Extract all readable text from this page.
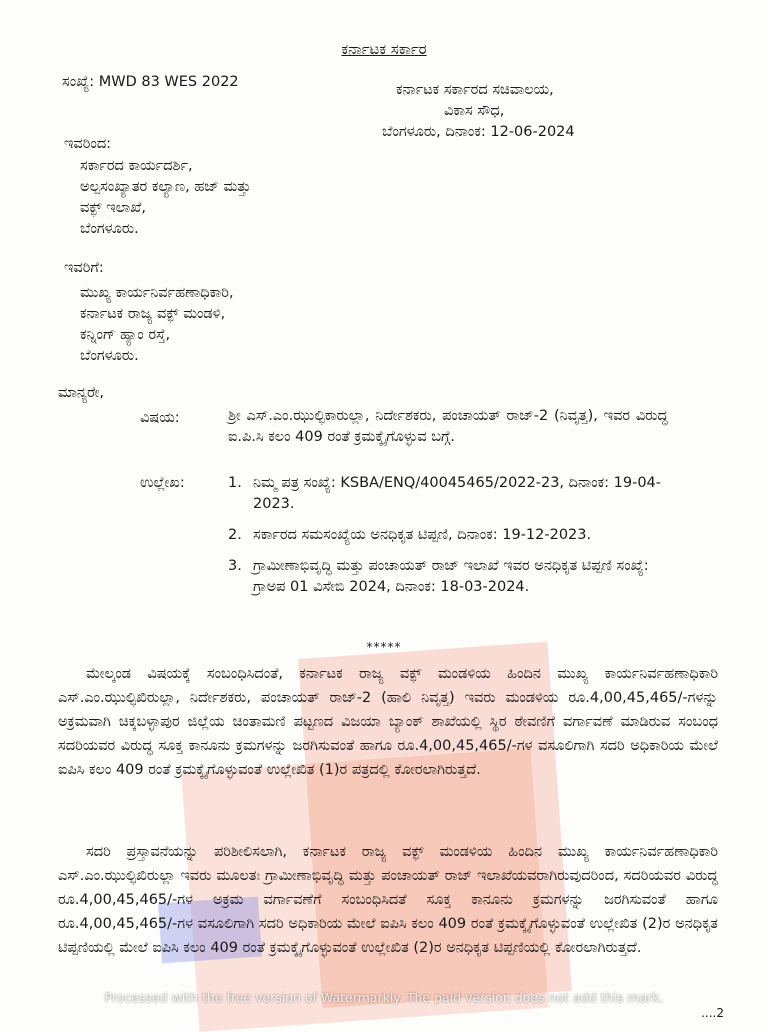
ಕರ್ನಾಟಕ ಸರ್ಕಾರ
ಸಂಖ್ಯೆ: MWD 83 WES 2022	ಕರ್ನಾಟಕ ಸರ್ಕಾರದ ಸಚಿವಾಲಯ,
ವಿಕಾಸ ಸೌಧ,
ಬೆಂಗಳೂರು, ದಿನಾಂಕ: 12-06-2024
ಇವರಿಂದ:
ಸರ್ಕಾರದ ಕಾರ್ಯದರ್ಶಿ,
ಅಲ್ಪಸಂಖ್ಯಾತರ ಕಲ್ಯಾಣ, ಹಜ್ ಮತ್ತು
ವಕ್ಫ್ ಇಲಾಖೆ,
ಬೆಂಗಳೂರು.
ಇವರಿಗೆ:
ಮುಖ್ಯ ಕಾರ್ಯನಿರ್ವಹಣಾಧಿಕಾರಿ,
ಕರ್ನಾಟಕ ರಾಜ್ಯ ವಕ್ಫ್ ಮಂಡಳಿ,
ಕನ್ನಿಂಗ್ ಹ್ಯಾಂ ರಸ್ತೆ,
ಬೆಂಗಳೂರು.
ಮಾನ್ಯರೇ,
ವಿಷಯ:	ಶ್ರೀ ಎಸ್.ಎಂ.ಝುಲ್ಫಿಕಾರುಲ್ಲಾ, ನಿರ್ದೇಶಕರು, ಪಂಚಾಯತ್ ರಾಜ್-2 (ನಿವೃತ್ತ), ಇವರ ವಿರುದ್ಧ ಐ.ಪಿ.ಸಿ ಕಲಂ 409 ರಂತೆ ಕ್ರಮಕ್ಕೈಗೊಳ್ಳುವ ಬಗ್ಗೆ.
ಉಲ್ಲೇಖ:	1. ನಿಮ್ಮ ಪತ್ರ ಸಂಖ್ಯೆ: KSBA/ENQ/40045465/2022-23, ದಿನಾಂಕ: 19-04-2023.
2. ಸರ್ಕಾರದ ಸಮಸಂಖ್ಯೆಯ ಅನಧಿಕೃತ ಟಿಪ್ಪಣಿ, ದಿನಾಂಕ: 19-12-2023.
3. ಗ್ರಾಮೀಣಾಭಿವೃದ್ಧಿ ಮತ್ತು ಪಂಚಾಯತ್ ರಾಜ್ ಇಲಾಖೆ ಇವರ ಅನಧಿಕೃತ ಟಿಪ್ಪಣಿ ಸಂಖ್ಯೆ: ಗ್ರಾಅಪ 01 ವಿಸೇಬಿ 2024, ದಿನಾಂಕ: 18-03-2024.
*****
ಮೇಲ್ಕಂಡ ವಿಷಯಕ್ಕೆ ಸಂಬಂಧಿಸಿದಂತೆ, ಕರ್ನಾಟಕ ರಾಜ್ಯ ವಕ್ಫ್ ಮಂಡಳಿಯ ಹಿಂದಿನ ಮುಖ್ಯ ಕಾರ್ಯನಿರ್ವಹಣಾಧಿಕಾರಿ ಎಸ್.ಎಂ.ಝುಲ್ಫಿಖಿರುಲ್ಲಾ, ನಿರ್ದೇಶಕರು, ಪಂಚಾಯತ್ ರಾಜ್-2 (ಹಾಲಿ ನಿವೃತ್ತ) ಇವರು ಮಂಡಳಿಯ ರೂ.4,00,45,465/-ಗಳನ್ನು ಅಕ್ರಮವಾಗಿ ಚಿಕ್ಕಬಳ್ಳಾಪುರ ಜಿಲ್ಲೆಯ ಚಿಂತಾಮಣಿ ಪಟ್ಟಣದ ವಿಜಯಾ ಬ್ಯಾಂಕ್ ಶಾಖೆಯಲ್ಲಿ ಸ್ಥಿರ ಠೇವಣಿಗೆ ವರ್ಗಾವಣೆ ಮಾಡಿರುವ ಸಂಬಂಧ ಸದರಿಯವರ ವಿರುದ್ಧ ಸೂಕ್ತ ಕಾನೂನು ಕ್ರಮಗಳನ್ನು ಜರಗಿಸುವಂತೆ ಹಾಗೂ ರೂ.4,00,45,465/-ಗಳ ವಸೂಲಿಗಾಗಿ ಸದರಿ ಅಧಿಕಾರಿಯ ಮೇಲೆ ಐಪಿಸಿ ಕಲಂ 409 ರಂತೆ ಕ್ರಮಕ್ಕೈಗೊಳ್ಳುವಂತೆ ಉಲ್ಲೇಖಿತ (1)ರ ಪತ್ರದಲ್ಲಿ ಕೋರಲಾಗಿರುತ್ತದೆ.
ಸದರಿ ಪ್ರಸ್ತಾವನೆಯನ್ನು ಪರಿಶೀಲಿಸಲಾಗಿ, ಕರ್ನಾಟಕ ರಾಜ್ಯ ವಕ್ಫ್ ಮಂಡಳಿಯ ಹಿಂದಿನ ಮುಖ್ಯ ಕಾರ್ಯನಿರ್ವಹಣಾಧಿಕಾರಿ ಎಸ್.ಎಂ.ಝುಲ್ಫಿಖಿರುಲ್ಲಾ ಇವರು ಮೂಲತಃ ಗ್ರಾಮೀಣಾಭಿವೃದ್ಧಿ ಮತ್ತು ಪಂಚಾಯತ್ ರಾಜ್ ಇಲಾಖೆಯವರಾಗಿರುವುದರಿಂದ, ಸದರಿಯವರ ವಿರುದ್ಧ ರೂ.4,00,45,465/-ಗಳ ಅಕ್ರಮ ವರ್ಗಾವಣೆಗೆ ಸಂಬಂಧಿಸಿದತೆ ಸೂಕ್ತ ಕಾನೂನು ಕ್ರಮಗಳನ್ನು ಜರಗಿಸುವಂತೆ ಹಾಗೂ ರೂ.4,00,45,465/-ಗಳ ವಸೂಲಿಗಾಗಿ ಸದರಿ ಅಧಿಕಾರಿಯ ಮೇಲೆ ಐಪಿಸಿ ಕಲಂ 409 ರಂತೆ ಕ್ರಮಕ್ಕೈಗೊಳ್ಳುವಂತೆ ಉಲ್ಲೇಖಿತ (2)ರ ಅನಧಿಕೃತ ಟಿಪ್ಪಣಿಯಲ್ಲಿ ಮೇಲೆ ಐಪಿಸಿ ಕಲಂ 409 ರಂತೆ ಕ್ರಮಕ್ಕೈಗೊಳ್ಳುವಂತೆ ಉಲ್ಲೇಖಿತ (2)ರ ಅನಧಿಕೃತ ಟಿಪ್ಪಣಿಯಲ್ಲಿ ಕೋರಲಾಗಿರುತ್ತದೆ.
Processed with the free version of Watermarkly. The paid version does not add this mark.
....2
